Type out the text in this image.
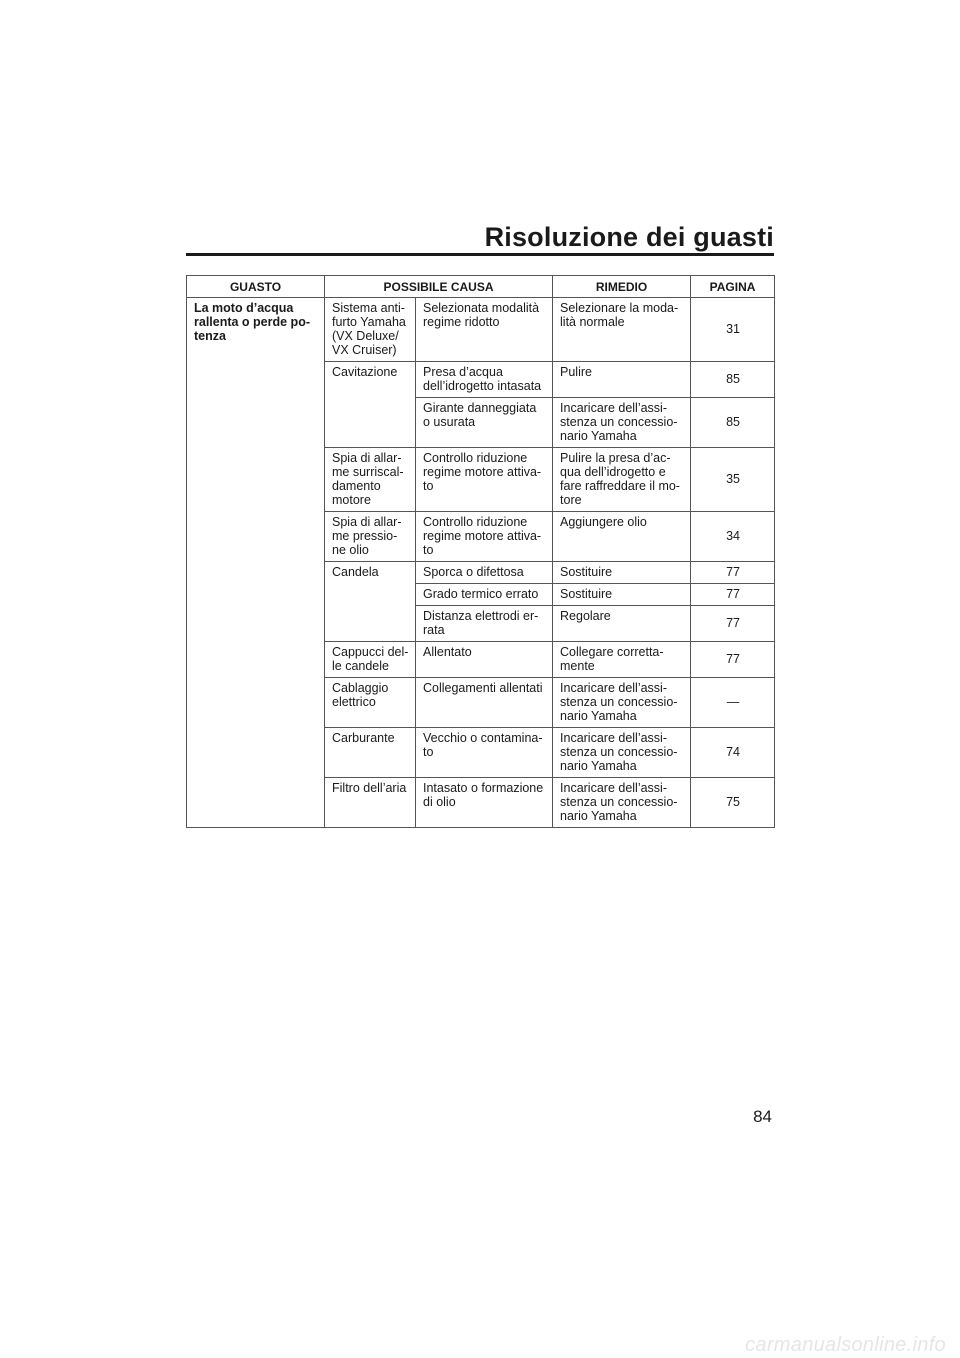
Risoluzione dei guasti
GUASTO	POSSIBILE CAUSA		RIMEDIO	PAGINA
La moto d’acqua
rallenta o perde po-
tenza	Sistema anti-
furto Yamaha
(VX Deluxe/
VX Cruiser)	Selezionata modalità
regime ridotto	Selezionare la moda-
lità normale	31
	Cavitazione	Presa d’acqua
dell’idrogetto intasata	Pulire	85
		Girante danneggiata
o usurata	Incaricare dell’assi-
stenza un concessio-
nario Yamaha	85
	Spia di allar-
me surriscal-
damento
motore	Controllo riduzione
regime motore attiva-
to	Pulire la presa d’ac-
qua dell’idrogetto e
fare raffreddare il mo-
tore	35
	Spia di allar-
me pressio-
ne olio	Controllo riduzione
regime motore attiva-
to	Aggiungere olio	34
	Candela	Sporca o difettosa	Sostituire	77
		Grado termico errato	Sostituire	77
		Distanza elettrodi er-
rata	Regolare	77
	Cappucci del-
le candele	Allentato	Collegare corretta-
mente	77
	Cablaggio
elettrico	Collegamenti allentati	Incaricare dell’assi-
stenza un concessio-
nario Yamaha	—
	Carburante	Vecchio o contamina-
to	Incaricare dell’assi-
stenza un concessio-
nario Yamaha	74
	Filtro dell’aria	Intasato o formazione
di olio	Incaricare dell’assi-
stenza un concessio-
nario Yamaha	75

84

carmanualsonline.info
